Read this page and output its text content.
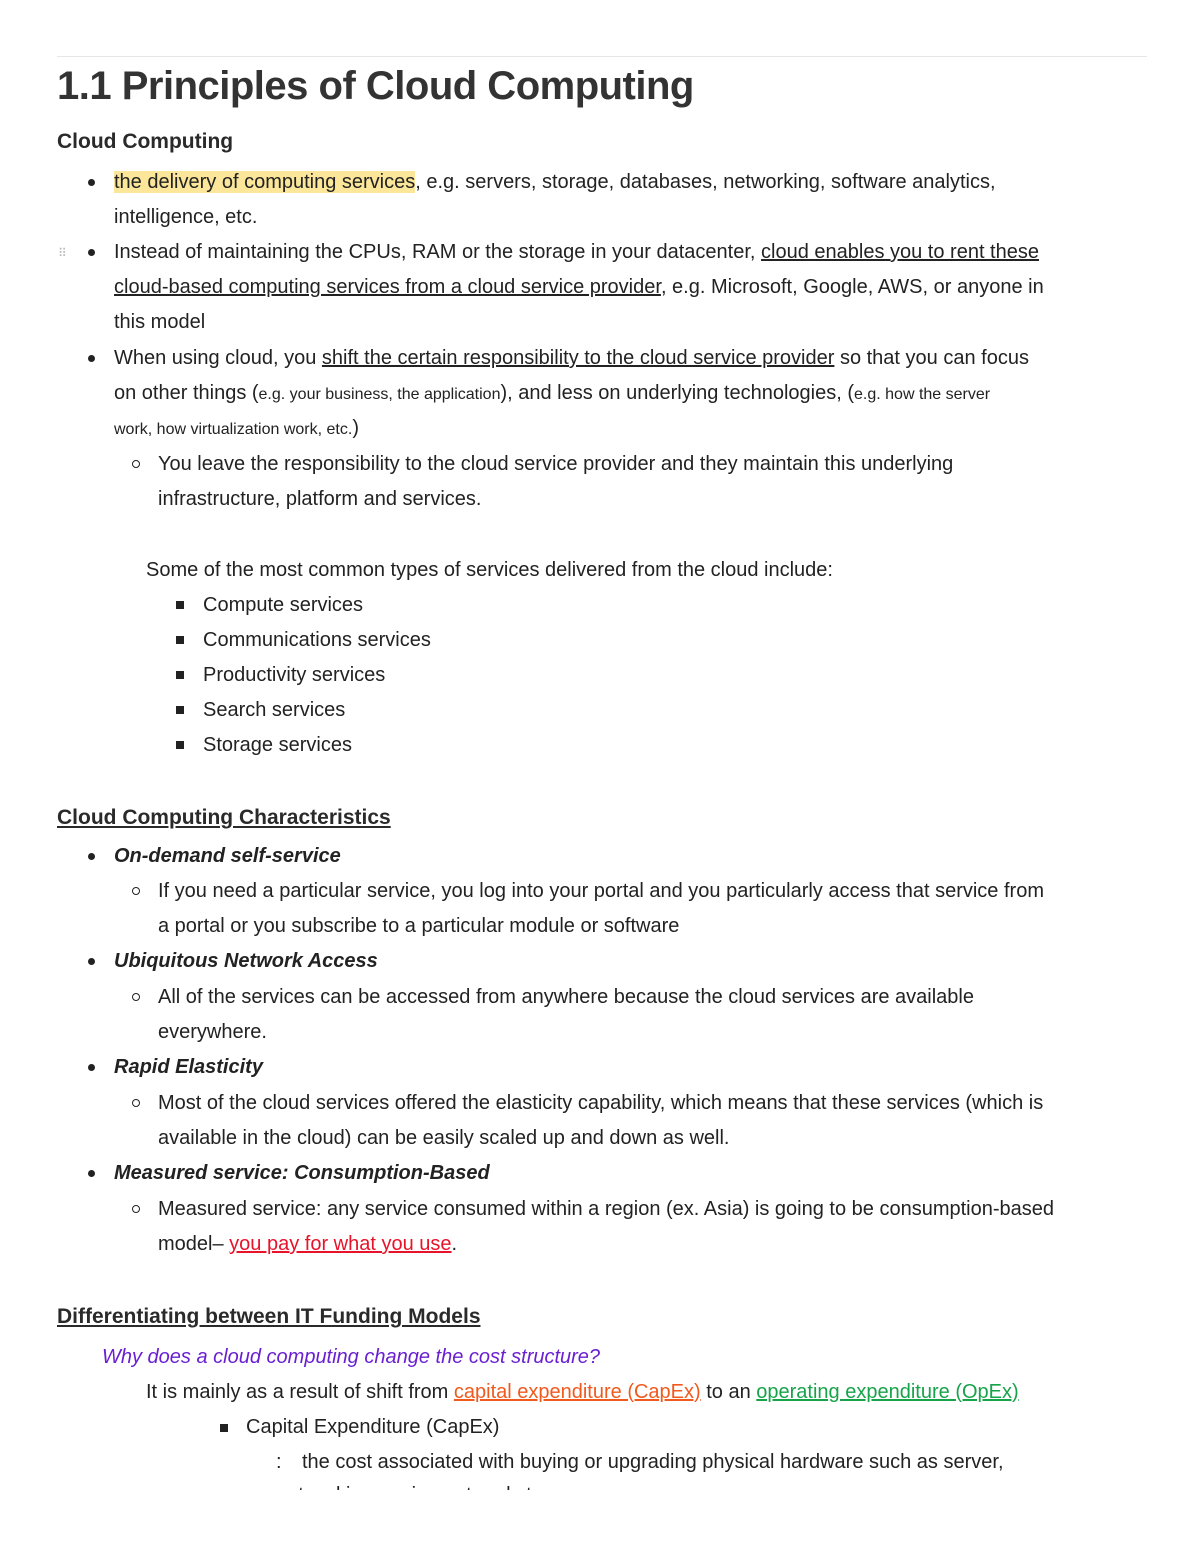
1.1 Principles of Cloud Computing
Cloud Computing
the delivery of computing services, e.g. servers, storage, databases, networking, software analytics,
intelligence, etc.
⠿ Instead of maintaining the CPUs, RAM or the storage in your datacenter, cloud enables you to rent these
cloud-based computing services from a cloud service provider, e.g. Microsoft, Google, AWS, or anyone in
this model
When using cloud, you shift the certain responsibility to the cloud service provider so that you can focus
on other things (e.g. your business, the application), and less on underlying technologies, (e.g. how the server
work, how virtualization work, etc.)
You leave the responsibility to the cloud service provider and they maintain this underlying
infrastructure, platform and services.
Some of the most common types of services delivered from the cloud include:
Compute services
Communications services
Productivity services
Search services
Storage services
Cloud Computing Characteristics
On-demand self-service
If you need a particular service, you log into your portal and you particularly access that service from
a portal or you subscribe to a particular module or software
Ubiquitous Network Access
All of the services can be accessed from anywhere because the cloud services are available
everywhere.
Rapid Elasticity
Most of the cloud services offered the elasticity capability, which means that these services (which is
available in the cloud) can be easily scaled up and down as well.
Measured service: Consumption-Based
Measured service: any service consumed within a region (ex. Asia) is going to be consumption-based
model– you pay for what you use.
Differentiating between IT Funding Models
Why does a cloud computing change the cost structure?
It is mainly as a result of shift from capital expenditure (CapEx) to an operating expenditure (OpEx)
Capital Expenditure (CapEx)
: the cost associated with buying or upgrading physical hardware such as server,
